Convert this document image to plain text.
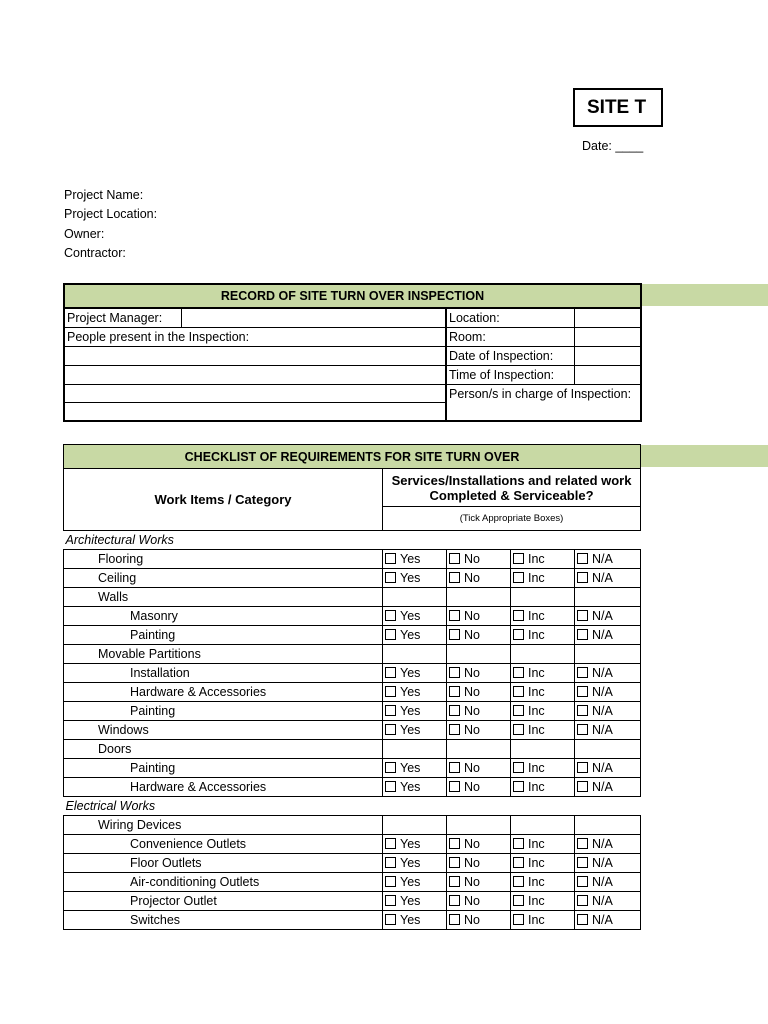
SITE T
Date: ____
Project Name:
Project Location:
Owner:
Contractor:
RECORD OF SITE TURN OVER INSPECTION			
Project Manager:		Location:	
People present in the Inspection:		Room:	
		Date of Inspection:	
		Time of Inspection:	
		Person/s in charge of Inspection:	

CHECKLIST OF REQUIREMENTS FOR SITE TURN OVER				
Work Items / Category	Services/Installations and related work Completed & Serviceable?			
	(Tick Appropriate Boxes)			
Architectural Works				
Flooring	Yes	No	Inc	N/A
Ceiling	Yes	No	Inc	N/A
Walls				
Masonry	Yes	No	Inc	N/A
Painting	Yes	No	Inc	N/A
Movable Partitions				
Installation	Yes	No	Inc	N/A
Hardware & Accessories	Yes	No	Inc	N/A
Painting	Yes	No	Inc	N/A
Windows	Yes	No	Inc	N/A
Doors				
Painting	Yes	No	Inc	N/A
Hardware & Accessories	Yes	No	Inc	N/A
Electrical Works				
Wiring Devices				
Convenience Outlets	Yes	No	Inc	N/A
Floor Outlets	Yes	No	Inc	N/A
Air-conditioning Outlets	Yes	No	Inc	N/A
Projector Outlet	Yes	No	Inc	N/A
Switches	Yes	No	Inc	N/A
